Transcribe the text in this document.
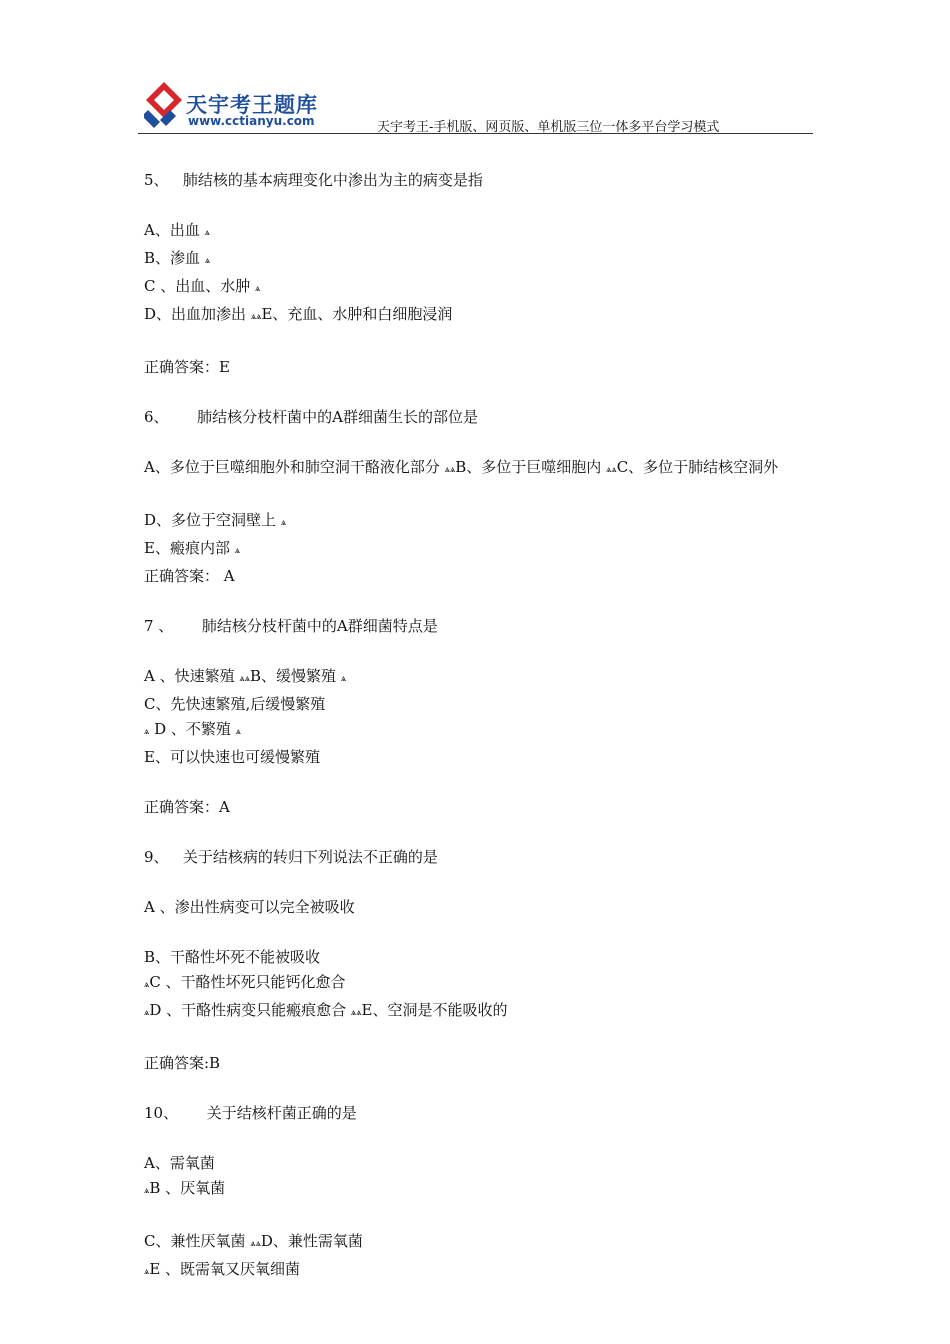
天宇考王题库
www.cctianyu.com	天宇考王-手机版、网页版、单机版三位一体多平台学习模式
5、 肺结核的基本病理变化中渗出为主的病变是指
A、出血 ѧ
B、渗血 ѧ
C 、出血、水肿 ѧ
D、出血加渗出 ѧѧE、充血、水肿和白细胞浸润
正确答案：E
6、 肺结核分枝杆菌中的A群细菌生长的部位是
A、多位于巨噬细胞外和肺空洞干酪液化部分 ѧѧB、多位于巨噬细胞内 ѧѧC、多位于肺结核空洞外
D、多位于空洞壁上 ѧ
E、瘢痕内部 ѧ
正确答案： A
7 、 肺结核分枝杆菌中的A群细菌特点是
A 、快速繁殖 ѧѧB、缓慢繁殖 ѧ
C、先快速繁殖,后缓慢繁殖
ѧ D 、不繁殖 ѧ
E、可以快速也可缓慢繁殖
正确答案：A
9、 关于结核病的转归下列说法不正确的是
A 、渗出性病变可以完全被吸收
B、干酪性坏死不能被吸收
ѧC 、干酪性坏死只能钙化愈合
ѧD 、干酪性病变只能瘢痕愈合 ѧѧE、空洞是不能吸收的
正确答案:B
10、 关于结核杆菌正确的是
A、需氧菌
ѧB 、厌氧菌
C、兼性厌氧菌 ѧѧD、兼性需氧菌
ѧE 、既需氧又厌氧细菌
